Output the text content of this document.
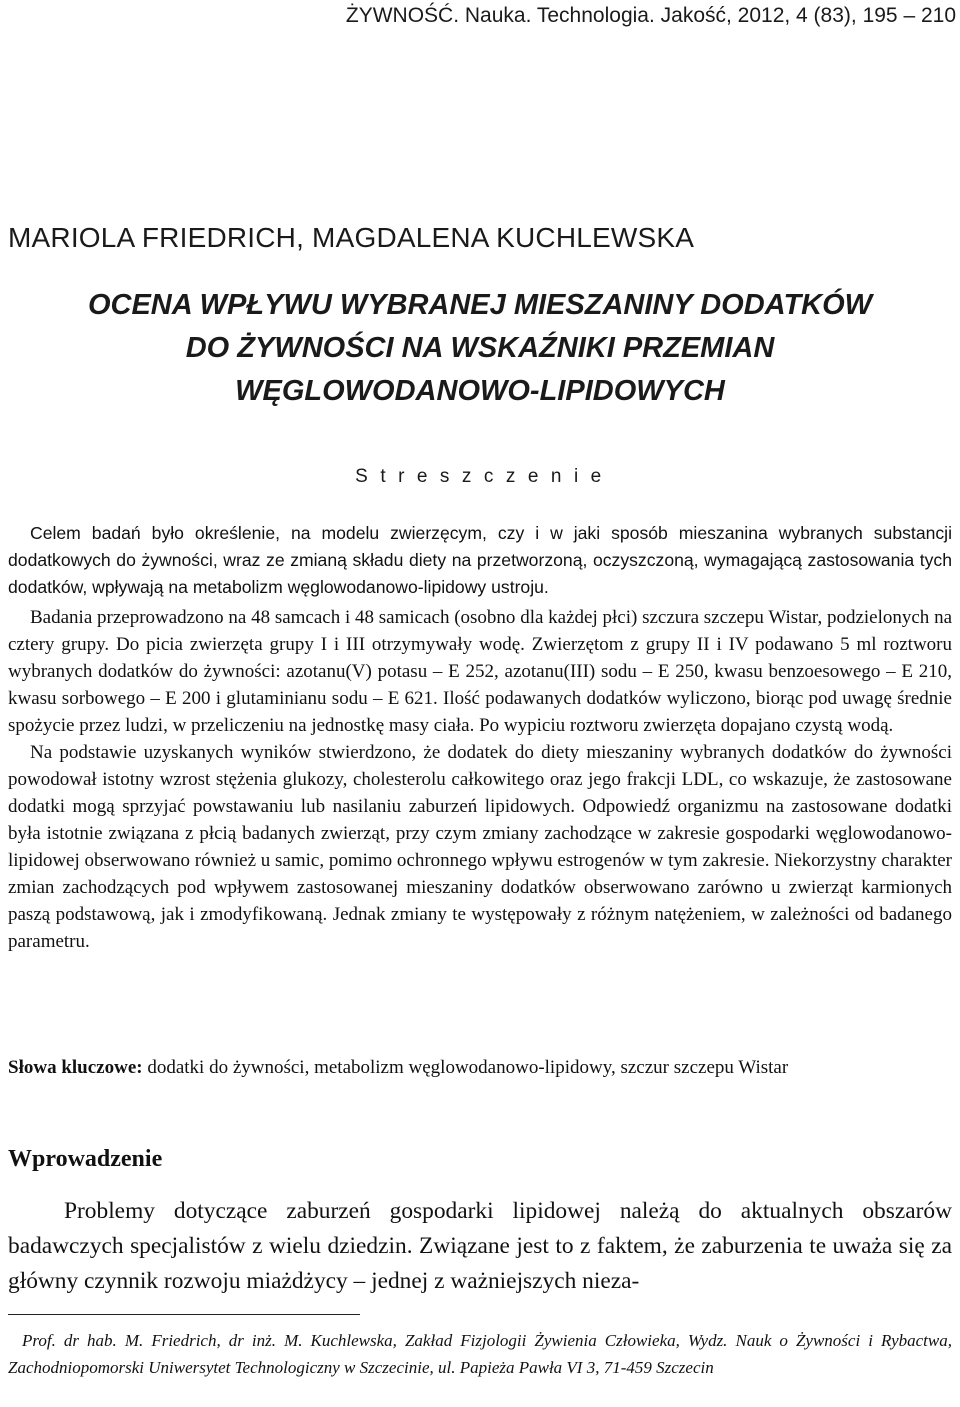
ŻYWNOŚĆ. Nauka. Technologia. Jakość, 2012, 4 (83), 195 – 210
MARIOLA FRIEDRICH, MAGDALENA KUCHLEWSKA
OCENA WPŁYWU WYBRANEJ MIESZANINY DODATKÓW
DO ŻYWNOŚCI NA WSKAŹNIKI PRZEMIAN
WĘGLOWODANOWO-LIPIDOWYCH
S t r e s z c z e n i e

Celem badań było określenie, na modelu zwierzęcym, czy i w jaki sposób mieszanina wybranych substancji dodatkowych do żywności, wraz ze zmianą składu diety na przetworzoną, oczyszczoną, wymagającą zastosowania tych dodatków, wpływają na metabolizm węglowodanowo-lipidowy ustroju.

Badania przeprowadzono na 48 samcach i 48 samicach (osobno dla każdej płci) szczura szczepu Wistar, podzielonych na cztery grupy. Do picia zwierzęta grupy I i III otrzymywały wodę. Zwierzętom z grupy II i IV podawano 5 ml roztworu wybranych dodatków do żywności: azotanu(V) potasu – E 252, azotanu(III) sodu – E 250, kwasu benzoesowego – E 210, kwasu sorbowego – E 200 i glutaminianu sodu – E 621. Ilość podawanych dodatków wyliczono, biorąc pod uwagę średnie spożycie przez ludzi, w przeliczeniu na jednostkę masy ciała. Po wypiciu roztworu zwierzęta dopajano czystą wodą.

Na podstawie uzyskanych wyników stwierdzono, że dodatek do diety mieszaniny wybranych dodatków do żywności powodował istotny wzrost stężenia glukozy, cholesterolu całkowitego oraz jego frakcji LDL, co wskazuje, że zastosowane dodatki mogą sprzyjać powstawaniu lub nasilaniu zaburzeń lipidowych. Odpowiedź organizmu na zastosowane dodatki była istotnie związana z płcią badanych zwierząt, przy czym zmiany zachodzące w zakresie gospodarki węglowodanowo-lipidowej obserwowano również u samic, pomimo ochronnego wpływu estrogenów w tym zakresie. Niekorzystny charakter zmian zachodzących pod wpływem zastosowanej mieszaniny dodatków obserwowano zarówno u zwierząt karmionych paszą podstawową, jak i zmodyfikowaną. Jednak zmiany te występowały z różnym natężeniem, w zależności od badanego parametru.

Słowa kluczowe: dodatki do żywności, metabolizm węglowodanowo-lipidowy, szczur szczepu Wistar
Wprowadzenie

Problemy dotyczące zaburzeń gospodarki lipidowej należą do aktualnych obszarów badawczych specjalistów z wielu dziedzin. Związane jest to z faktem, że zaburzenia te uważa się za główny czynnik rozwoju miażdżycy – jednej z ważniejszych nieza-

Prof. dr hab. M. Friedrich, dr inż. M. Kuchlewska, Zakład Fizjologii Żywienia Człowieka, Wydz. Nauk o Żywności i Rybactwa, Zachodniopomorski Uniwersytet Technologiczny w Szczecinie, ul. Papieża Pawła VI 3, 71-459 Szczecin
